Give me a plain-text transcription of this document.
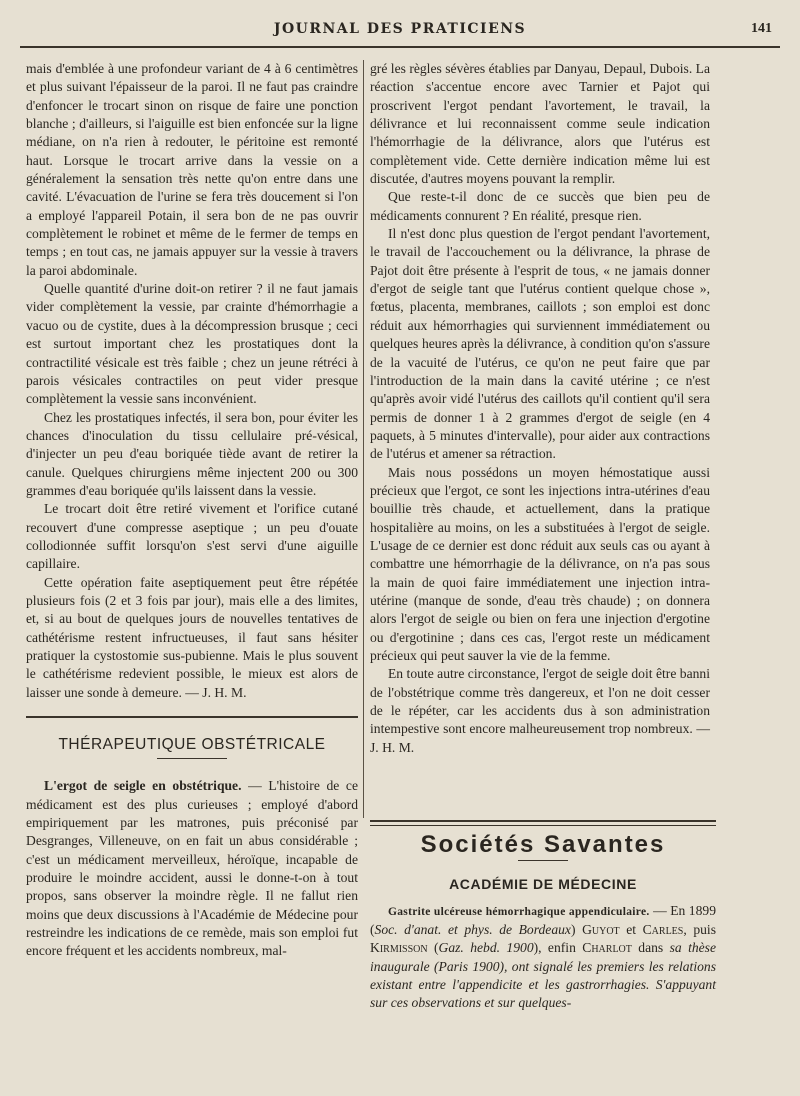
JOURNAL DES PRATICIENS	141

mais d'emblée à une profondeur variant de 4 à 6 centimètres et plus suivant l'épaisseur de la paroi. Il ne faut pas craindre d'enfoncer le trocart sinon on risque de faire une ponction blanche ; d'ailleurs, si l'aiguille est bien enfoncée sur la ligne médiane, on n'a rien à redouter, le péritoine est remonté haut. Lorsque le trocart arrive dans la vessie on a généralement la sensation très nette qu'on entre dans une cavité. L'évacuation de l'urine se fera très doucement si l'on a employé l'appareil Potain, il sera bon de ne pas ouvrir complètement le robinet et même de le fermer de temps en temps ; en tout cas, ne jamais appuyer sur la vessie à travers la paroi abdominale.

Quelle quantité d'urine doit-on retirer ? il ne faut jamais vider complètement la vessie, par crainte d'hémorrhagie a vacuo ou de cystite, dues à la décompression brusque ; ceci est surtout important chez les prostatiques dont la contractilité vésicale est très faible ; chez un jeune rétréci à parois vésicales contractiles on peut vider presque complètement la vessie sans inconvénient.

Chez les prostatiques infectés, il sera bon, pour éviter les chances d'inoculation du tissu cellulaire pré-vésical, d'injecter un peu d'eau boriquée tiède avant de retirer la canule. Quelques chirurgiens même injectent 200 ou 300 grammes d'eau boriquée qu'ils laissent dans la vessie.

Le trocart doit être retiré vivement et l'orifice cutané recouvert d'une compresse aseptique ; un peu d'ouate collodionnée suffit lorsqu'on s'est servi d'une aiguille capillaire.

Cette opération faite aseptiquement peut être répétée plusieurs fois (2 et 3 fois par jour), mais elle a des limites, et, si au bout de quelques jours de nouvelles tentatives de cathétérisme restent infructueuses, il faut sans hésiter pratiquer la cystostomie sus-pubienne. Mais le plus souvent le cathétérisme redevient possible, le mieux est alors de laisser une sonde à demeure. — J. H. M.

THÉRAPEUTIQUE OBSTÉTRICALE

L'ergot de seigle en obstétrique. — L'histoire de ce médicament est des plus curieuses ; employé d'abord empiriquement par les matrones, puis préconisé par Desgranges, Villeneuve, on en fait un abus considérable ; c'est un médicament merveilleux, héroïque, incapable de produire le moindre accident, aussi le donne-t-on à tout propos, sans observer la moindre règle. Il ne fallut rien moins que deux discussions à l'Académie de Médecine pour restreindre les indications de ce remède, mais son emploi fut encore fréquent et les accidents nombreux, mal-

gré les règles sévères établies par Danyau, Depaul, Dubois. La réaction s'accentue encore avec Tarnier et Pajot qui proscrivent l'ergot pendant l'avortement, le travail, la délivrance et lui reconnaissent comme seule indication l'hémorrhagie de la délivrance, alors que l'utérus est complètement vide. Cette dernière indication même lui est discutée, d'autres moyens pouvant la remplir.

Que reste-t-il donc de ce succès que bien peu de médicaments connurent ? En réalité, presque rien.

Il n'est donc plus question de l'ergot pendant l'avortement, le travail de l'accouchement ou la délivrance, la phrase de Pajot doit être présente à l'esprit de tous, « ne jamais donner d'ergot de seigle tant que l'utérus contient quelque chose », fœtus, placenta, membranes, caillots ; son emploi est donc réduit aux hémorrhagies qui surviennent immédiatement ou quelques heures après la délivrance, à condition qu'on s'assure de la vacuité de l'utérus, ce qu'on ne peut faire que par l'introduction de la main dans la cavité utérine ; ce n'est qu'après avoir vidé l'utérus des caillots qu'il contient qu'il sera permis de donner 1 à 2 grammes d'ergot de seigle (en 4 paquets, à 5 minutes d'intervalle), pour aider aux contractions de l'utérus et amener sa rétraction.

Mais nous possédons un moyen hémostatique aussi précieux que l'ergot, ce sont les injections intra-utérines d'eau bouillie très chaude, et actuellement, dans la pratique hospitalière au moins, on les a substituées à l'ergot de seigle. L'usage de ce dernier est donc réduit aux seuls cas ou ayant à combattre une hémorrhagie de la délivrance, on n'a pas sous la main de quoi faire immédiatement une injection intra-utérine (manque de sonde, d'eau très chaude) ; on donnera alors l'ergot de seigle ou bien on fera une injection d'ergotine ou d'ergotinine ; dans ces cas, l'ergot reste un médicament précieux qui peut sauver la vie de la femme.

En toute autre circonstance, l'ergot de seigle doit être banni de l'obstétrique comme très dangereux, et l'on ne doit cesser de le répéter, car les accidents dus à son administration intempestive sont encore malheureusement trop nombreux. — J. H. M.

Sociétés Savantes
ACADÉMIE DE MÉDECINE

Gastrite ulcéreuse hémorrhagique appendiculaire. — En 1899 (Soc. d'anat. et phys. de Bordeaux) Guyot et Carles, puis Kirmisson (Gaz. hebd. 1900), enfin Charlot dans sa thèse inaugurale (Paris 1900), ont signalé les premiers les relations existant entre l'appendicite et les gastrorrhagies. S'appuyant sur ces observations et sur quelques-
